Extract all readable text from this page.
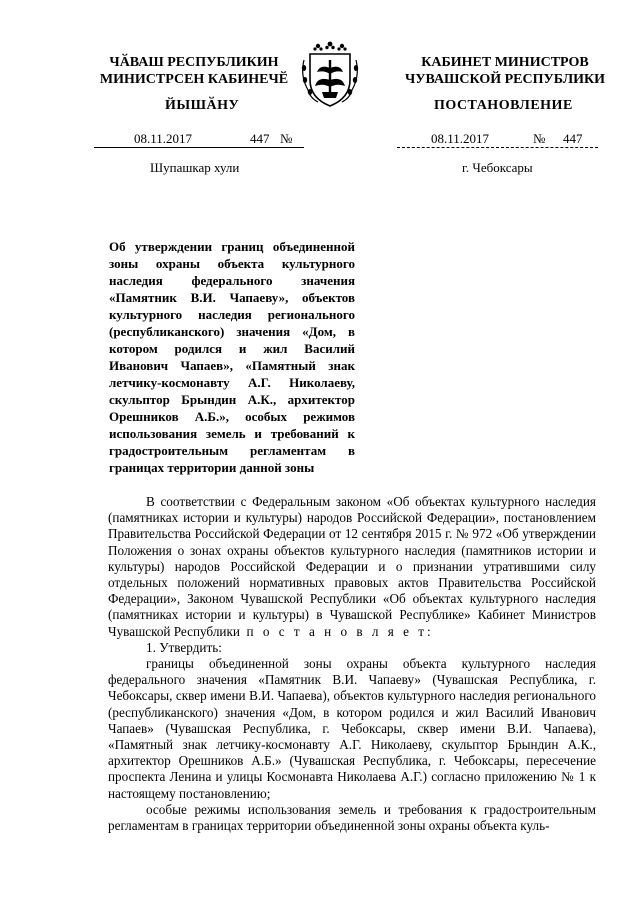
ЧӐВАШ РЕСПУБЛИКИН
МИНИСТРСЕН КАБИНЕЧӖ
ЙЫШӐНУ
КАБИНЕТ МИНИСТРОВ
ЧУВАШСКОЙ РЕСПУБЛИКИ
ПОСТАНОВЛЕНИЕ
08.11.2017	447 №	08.11.2017	№ 447
Шупашкар хули	г. Чебоксары
Об утверждении границ объединенной зоны охраны объекта культурного наследия федерального значения «Памятник В.И. Чапаеву», объектов культурного наследия регионального (республиканского) значения «Дом, в котором родился и жил Василий Иванович Чапаев», «Памятный знак летчику-космонавту А.Г. Николаеву, скульптор Брындин А.К., архитектор Орешников А.Б.», особых режимов использования земель и требований к градостроительным регламентам в границах территории данной зоны

В соответствии с Федеральным законом «Об объектах культурного наследия (памятниках истории и культуры) народов Российской Федерации», постановлением Правительства Российской Федерации от 12 сентября 2015 г. № 972 «Об утверждении Положения о зонах охраны объектов культурного наследия (памятников истории и культуры) народов Российской Федерации и о признании утратившими силу отдельных положений нормативных правовых актов Правительства Российской Федерации», Законом Чувашской Республики «Об объектах культурного наследия (памятниках истории и культуры) в Чувашской Республике» Кабинет Министров Чувашской Республики п о с т а н о в л я е т:

1. Утвердить:

границы объединенной зоны охраны объекта культурного наследия федерального значения «Памятник В.И. Чапаеву» (Чувашская Республика, г. Чебоксары, сквер имени В.И. Чапаева), объектов культурного наследия регионального (республиканского) значения «Дом, в котором родился и жил Василий Иванович Чапаев» (Чувашская Республика, г. Чебоксары, сквер имени В.И. Чапаева), «Памятный знак летчику-космонавту А.Г. Николаеву, скульптор Брындин А.К., архитектор Орешников А.Б.» (Чувашская Республика, г. Чебоксары, пересечение проспекта Ленина и улицы Космонавта Николаева А.Г.) согласно приложению № 1 к настоящему постановлению;

особые режимы использования земель и требования к градостроительным регламентам в границах территории объединенной зоны охраны объекта куль-
